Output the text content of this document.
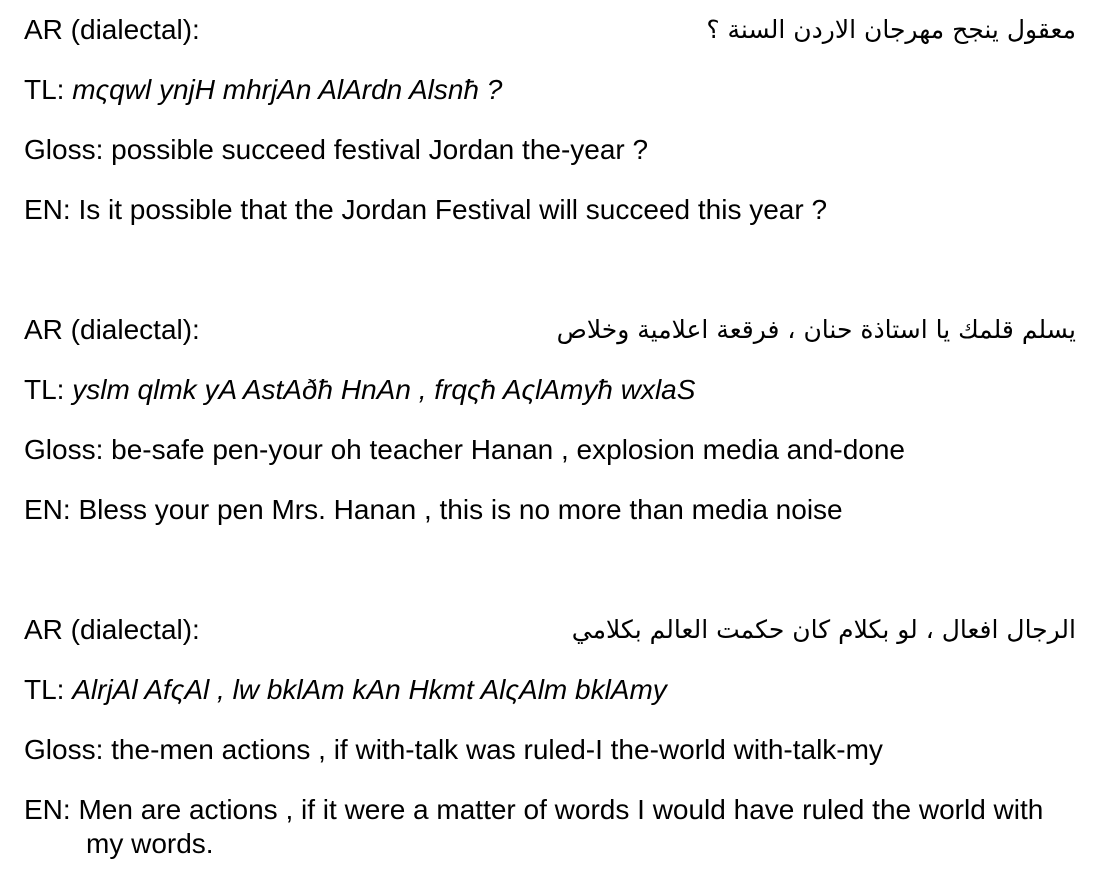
AR (dialectal):	معقول ينجح مهرجان الاردن السنة ؟
TL: mςqwl ynjH mhrjAn AlArdn Alsnħ ?
Gloss: possible succeed festival Jordan the-year ?
EN: Is it possible that the Jordan Festival will succeed this year ?
AR (dialectal):	يسلم قلمك يا استاذة حنان ، فرقعة اعلامية وخلاص
TL: yslm qlmk yA AstAðħ HnAn , frqςħ AςlAmyħ wxlaS
Gloss: be-safe pen-your oh teacher Hanan , explosion media and-done
EN: Bless your pen Mrs. Hanan , this is no more than media noise
AR (dialectal):	الرجال افعال ، لو بكلام كان حكمت العالم بكلامي
TL: AlrjAl AfςAl , lw bklAm kAn Hkmt AlςAlm bklAmy
Gloss: the-men actions , if with-talk was ruled-I the-world with-talk-my
EN: Men are actions , if it were a matter of words I would have ruled the world with my words.
